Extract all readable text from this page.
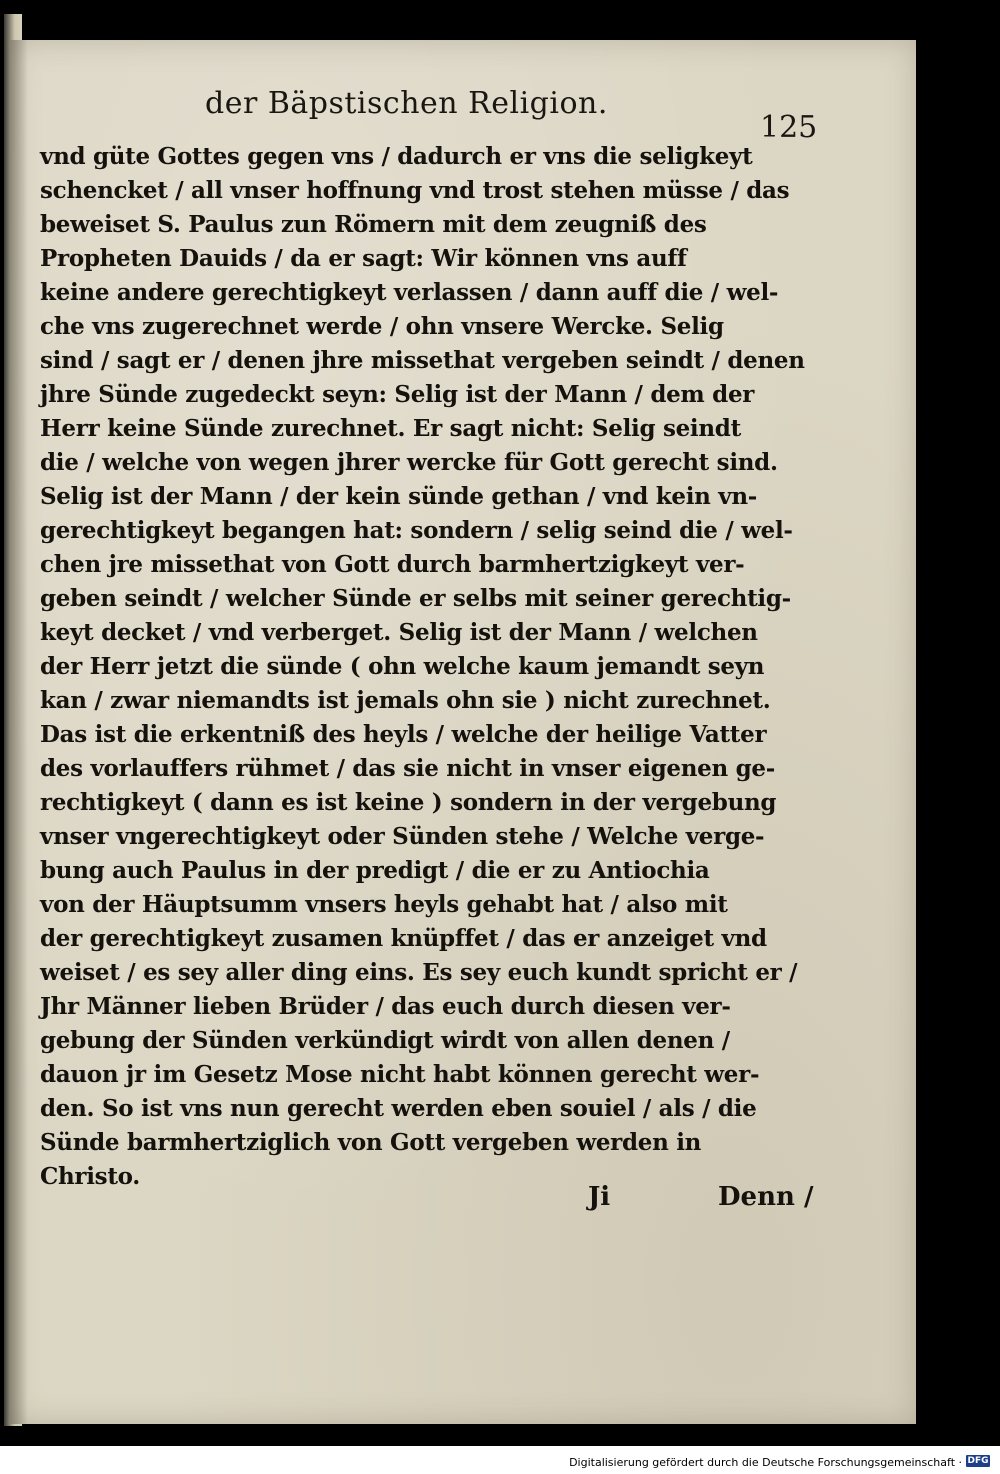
der Bäpstischen Religion.
125
vnd güte Gottes gegen vns / dadurch er vns die seligkeyt
schencket / all vnser hoffnung vnd trost stehen müsse / das
beweiset S. Paulus zun Römern mit dem zeugniß des
Propheten Dauids / da er sagt: Wir können vns auff
keine andere gerechtigkeyt verlassen / dann auff die / wel‑
che vns zugerechnet werde / ohn vnsere Wercke. Selig
sind / sagt er / denen jhre missethat vergeben seindt / denen
jhre Sünde zugedeckt seyn: Selig ist der Mann / dem der
Herr keine Sünde zurechnet. Er sagt nicht: Selig seindt
die / welche von wegen jhrer wercke für Gott gerecht sind.
Selig ist der Mann / der kein sünde gethan / vnd kein vn‑
gerechtigkeyt begangen hat: sondern / selig seind die / wel‑
chen jre missethat von Gott durch barmhertzigkeyt ver‑
geben seindt / welcher Sünde er selbs mit seiner gerechtig‑
keyt decket / vnd verberget. Selig ist der Mann / welchen
der Herr jetzt die sünde ( ohn welche kaum jemandt seyn
kan / zwar niemandts ist jemals ohn sie ) nicht zurechnet.
Das ist die erkentniß des heyls / welche der heilige Vatter
des vorlauffers rühmet / das sie nicht in vnser eigenen ge‑
rechtigkeyt ( dann es ist keine ) sondern in der vergebung
vnser vngerechtigkeyt oder Sünden stehe / Welche verge‑
bung auch Paulus in der predigt / die er zu Antiochia
von der Häuptsumm vnsers heyls gehabt hat / also mit
der gerechtigkeyt zusamen knüpffet / das er anzeiget vnd
weiset / es sey aller ding eins. Es sey euch kundt spricht er /
Jhr Männer lieben Brüder / das euch durch diesen ver‑
gebung der Sünden verkündigt wirdt von allen denen /
dauon jr im Gesetz Mose nicht habt können gerecht wer‑
den. So ist vns nun gerecht werden eben souiel / als / die
Sünde barmhertziglich von Gott vergeben werden in
Christo.
Ji	Denn /
Digitalisierung gefördert durch die Deutsche Forschungsgemeinschaft · DFG
